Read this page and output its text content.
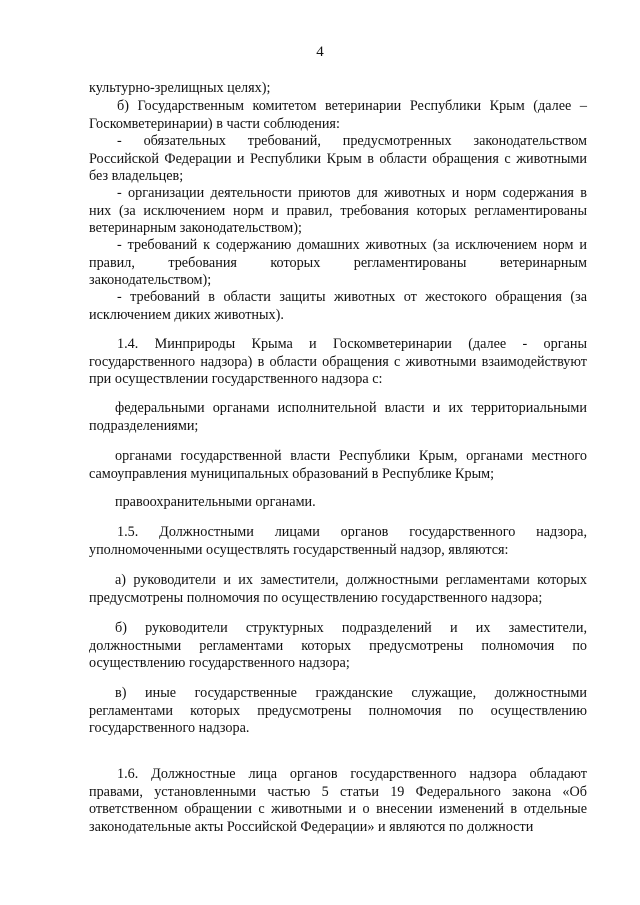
4

культурно-зрелищных целях);

б) Государственным комитетом ветеринарии Республики Крым (далее – Госкомветеринарии) в части соблюдения:

- обязательных требований, предусмотренных законодательством Российской Федерации и Республики Крым в области обращения с животными без владельцев;

- организации деятельности приютов для животных и норм содержания в них (за исключением норм и правил, требования которых регламентированы ветеринарным законодательством);

- требований к содержанию домашних животных (за исключением норм и правил, требования которых регламентированы ветеринарным законодательством);

- требований в области защиты животных от жестокого обращения (за исключением диких животных).

1.4. Минприроды Крыма и Госкомветеринарии (далее - органы государственного надзора) в области обращения с животными взаимодействуют при осуществлении государственного надзора с:

федеральными органами исполнительной власти и их территориальными подразделениями;

органами государственной власти Республики Крым, органами местного самоуправления муниципальных образований в Республике Крым;

правоохранительными органами.

1.5. Должностными лицами органов государственного надзора, уполномоченными осуществлять государственный надзор, являются:

а) руководители и их заместители, должностными регламентами которых предусмотрены полномочия по осуществлению государственного надзора;

б) руководители структурных подразделений и их заместители, должностными регламентами которых предусмотрены полномочия по осуществлению государственного надзора;

в) иные государственные гражданские служащие, должностными регламентами которых предусмотрены полномочия по осуществлению государственного надзора.

1.6. Должностные лица органов государственного надзора обладают правами, установленными частью 5 статьи 19 Федерального закона «Об ответственном обращении с животными и о внесении изменений в отдельные законодательные акты Российской Федерации» и являются по должности
